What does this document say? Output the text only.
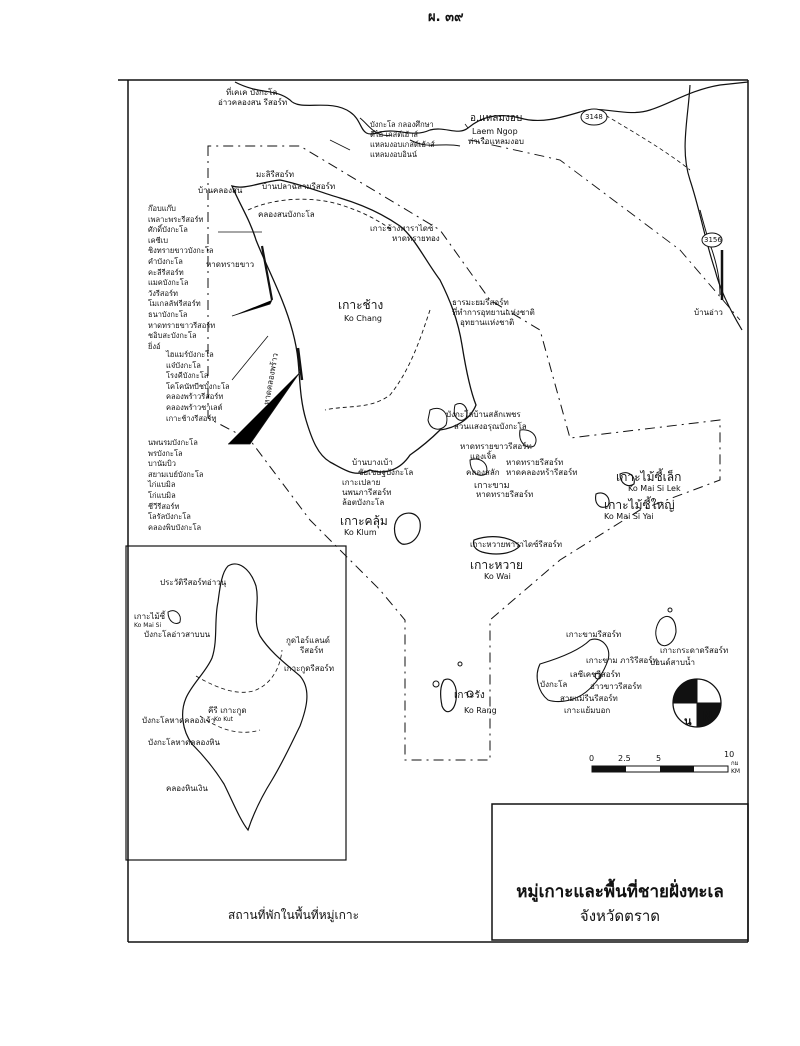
ผ. ๓๙
ที่เคเค บังกะโล
อ่าวคลองสน รีสอร์ท
อ.แหลมงอบ
Laem Ngop
ท่าเรือแหลมงอบ
3148
3156
บังกะโล กลองศึกษา
ดีไอ เกสต์เฮ้าส์
แหลมงอบเกสต์เฮ้าส์
แหลมงอบอินน์
บ้านอ่าว
เกาะช้าง
Ko Chang
มะลิรีสอร์ท
บ้านปลาฉลามรีสอร์ท
บ้านคลองสน
คลองสนบังกะโล
เกาะช้างพาราไดซ์
หาดทรายทอง
ธารมะยมรีสอร์ท
ที่ทำการอุทยานแห่งชาติ
อุทยานแห่งชาติ
หาดทรายขาว
หาดคลองพร้าว
บ้านบางเบ้า
ชัยเชษฐบังกะโล
เกาะเปลาย
นพนภารีสอร์ท
ล้อตบังกะโล
บังกะโลบ้านสลักเพชร
สวนแสงอรุณบังกะโล
หาดทรายขาวรีสอร์ท
แองเจิ้ล
หาดทรายรีสอร์ท
คลองสลัก หาดคลองหร้ารีสอร์ท
เกาะขาม
หาดทรายรีสอร์ท
เกาะไม้ซี้เล็ก
Ko Mai Si Lek
เกาะไม้ซี้ใหญ่
Ko Mai Si Yai
เกาะคลุ้ม
Ko Klum
เกาะหวายพาราไดซ์รีสอร์ท
เกาะหวาย
Ko Wai
เกาะรัง
Ko Rang
เกาะขามรีสอร์ท
เกาะกระดาดรีสอร์ท
เกาะขาม ภาริรีสอร์ท
บอนด์สาบน้ำ
เลซีเคชรีสอร์ท
บังกะโล	อ่าวขาวรีสอร์ท
สายแม่รีนรีสอร์ท
เกาะแย้มบอก
ก๊อบแก๊บ
เพลาะพระรีสอร์ท
ศักดิ์บังกะโล
เคซีเบ
ชิงทรายขาวบังกะโล
คำบังกะโล
คะลีรีสอร์ท
แมคบังกะโล
วังรีสอร์ท
โมเกลลัฟรีสอร์ท
ธนาบังกะโล
หาดทรายขาวรีสอร์ท
ชอิบสะบังกะโล
ยิ่งอ์
ไฮแมร์บังกะโล
แจ๋บังกะโล
โรงคีบังกะโล
โคโคนัทบีชบังกะโล
คลองพร้าวรีสอร์ท
คลองพร้าวชาเลต์
เกาะช้างรีสอร์ท
นพนรมบังกะโล
พรบังกะโล
บานัมบิว
สยามเบย์บังกะโล
ไก่แบมิล
โก่แบมิล
ชีวีรีสอร์ท
โลรัลบังกะโล
คลองพิบบังกะโล
ประวัติรีสอร์ทอ่าวนุ
เกาะไม้ซี้
Ko Mai Si
บังกะโลอ่าวสาบบน
กูดไอร์แลนด์
รีสอร์ท
เกาะกูดรีสอร์ท
คีรี เกาะกูด
Ko Kut
บังกะโลหาดคลองเจ้า
บังกะโลหาดคลองหิน
คลองหินเงิน
สถานที่พักในพื้นที่หมู่เกาะ
น N
0	2.5	5	10
กม
KM
หมู่เกาะและพื้นที่ชายฝั่งทะเล
จังหวัดตราด
